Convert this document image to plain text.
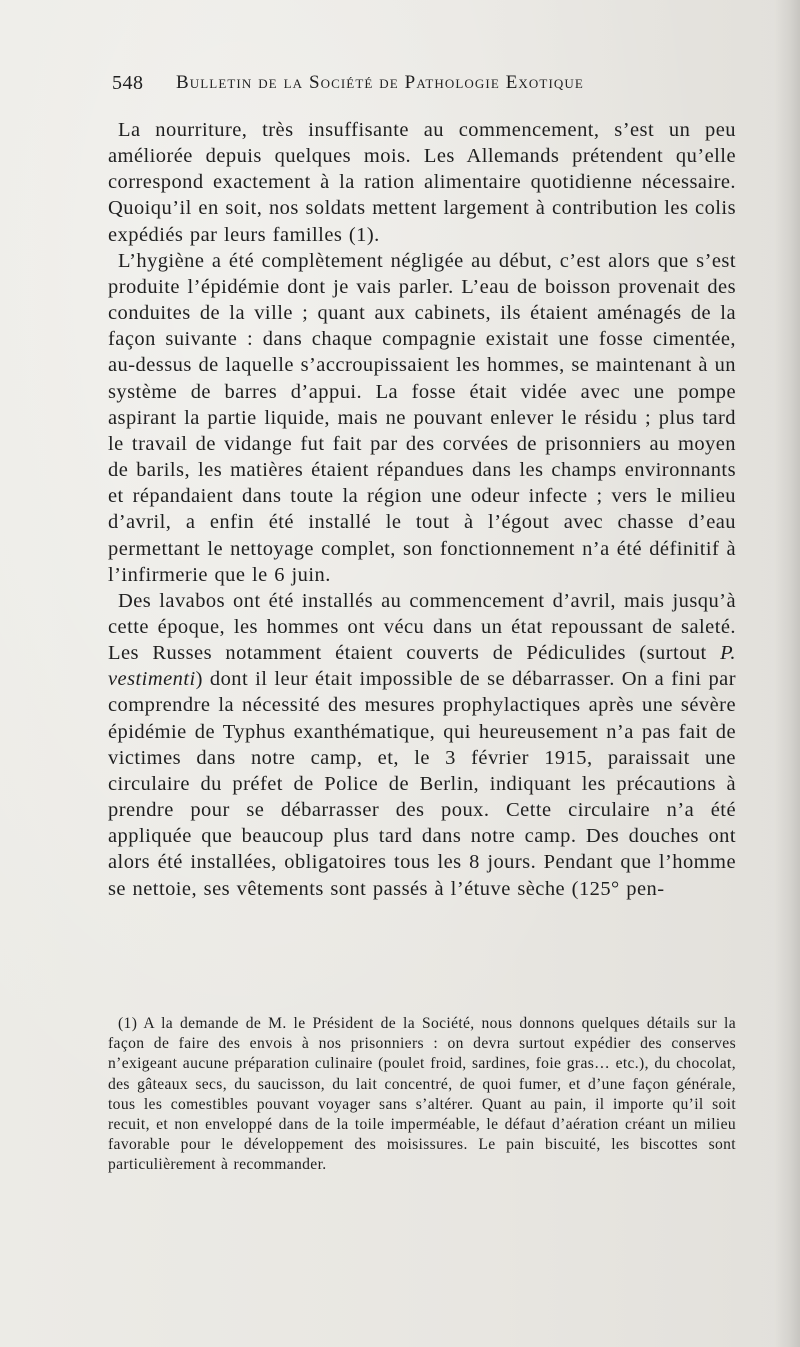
548 Bulletin de la Société de Pathologie Exotique

La nourriture, très insuffisante au commencement, s’est un peu améliorée depuis quelques mois. Les Allemands prétendent qu’elle correspond exactement à la ration alimentaire quotidienne nécessaire. Quoiqu’il en soit, nos soldats mettent largement à contribution les colis expédiés par leurs familles (1).

L’hygiène a été complètement négligée au début, c’est alors que s’est produite l’épidémie dont je vais parler. L’eau de boisson provenait des conduites de la ville ; quant aux cabinets, ils étaient aménagés de la façon suivante : dans chaque compagnie existait une fosse cimentée, au-dessus de laquelle s’accroupissaient les hommes, se maintenant à un système de barres d’appui. La fosse était vidée avec une pompe aspirant la partie liquide, mais ne pouvant enlever le résidu ; plus tard le travail de vidange fut fait par des corvées de prisonniers au moyen de barils, les matières étaient répandues dans les champs environnants et répandaient dans toute la région une odeur infecte ; vers le milieu d’avril, a enfin été installé le tout à l’égout avec chasse d’eau permettant le nettoyage complet, son fonctionnement n’a été définitif à l’infirmerie que le 6 juin.

Des lavabos ont été installés au commencement d’avril, mais jusqu’à cette époque, les hommes ont vécu dans un état repoussant de saleté. Les Russes notamment étaient couverts de Pédiculides (surtout P. vestimenti) dont il leur était impossible de se débarrasser. On a fini par comprendre la nécessité des mesures prophylactiques après une sévère épidémie de Typhus exanthématique, qui heureusement n’a pas fait de victimes dans notre camp, et, le 3 février 1915, paraissait une circulaire du préfet de Police de Berlin, indiquant les précautions à prendre pour se débarrasser des poux. Cette circulaire n’a été appliquée que beaucoup plus tard dans notre camp. Des douches ont alors été installées, obligatoires tous les 8 jours. Pendant que l’homme se nettoie, ses vêtements sont passés à l’étuve sèche (125° pen-

(1) A la demande de M. le Président de la Société, nous donnons quelques détails sur la façon de faire des envois à nos prisonniers : on devra surtout expédier des conserves n’exigeant aucune préparation culinaire (poulet froid, sardines, foie gras… etc.), du chocolat, des gâteaux secs, du saucisson, du lait concentré, de quoi fumer, et d’une façon générale, tous les comestibles pouvant voyager sans s’altérer. Quant au pain, il importe qu’il soit recuit, et non enveloppé dans de la toile imperméable, le défaut d’aération créant un milieu favorable pour le développement des moisissures. Le pain biscuité, les biscottes sont particulièrement à recommander.
